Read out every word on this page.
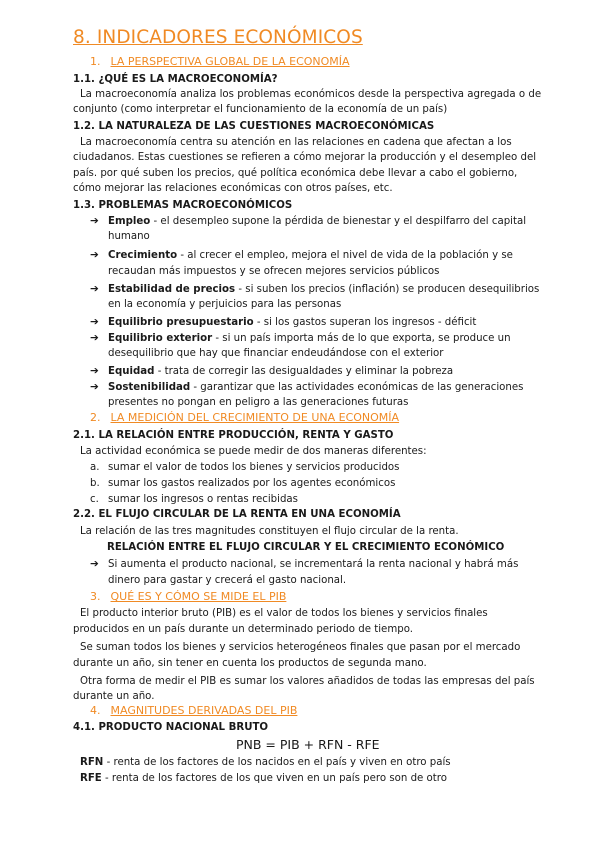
8. INDICADORES ECONÓMICOS
1. LA PERSPECTIVA GLOBAL DE LA ECONOMÍA
1.1. ¿QUÉ ES LA MACROECONOMÍA?
La macroeconomía analiza los problemas económicos desde la perspectiva agregada o de
conjunto (como interpretar el funcionamiento de la economía de un país)
1.2. LA NATURALEZA DE LAS CUESTIONES MACROECONÓMICAS
La macroeconomía centra su atención en las relaciones en cadena que afectan a los
ciudadanos. Estas cuestiones se refieren a cómo mejorar la producción y el desempleo del
país. por qué suben los precios, qué política económica debe llevar a cabo el gobierno,
cómo mejorar las relaciones económicas con otros países, etc.
1.3. PROBLEMAS MACROECONÓMICOS
➔ Empleo - el desempleo supone la pérdida de bienestar y el despilfarro del capital
humano
➔ Crecimiento - al crecer el empleo, mejora el nivel de vida de la población y se
recaudan más impuestos y se ofrecen mejores servicios públicos
➔ Estabilidad de precios - si suben los precios (inflación) se producen desequilibrios
en la economía y perjuicios para las personas
➔ Equilibrio presupuestario - si los gastos superan los ingresos - déficit
➔ Equilibrio exterior - si un país importa más de lo que exporta, se produce un
desequilibrio que hay que financiar endeudándose con el exterior
➔ Equidad - trata de corregir las desigualdades y eliminar la pobreza
➔ Sostenibilidad - garantizar que las actividades económicas de las generaciones
presentes no pongan en peligro a las generaciones futuras
2. LA MEDICIÓN DEL CRECIMIENTO DE UNA ECONOMÍA
2.1. LA RELACIÓN ENTRE PRODUCCIÓN, RENTA Y GASTO
La actividad económica se puede medir de dos maneras diferentes:
a. sumar el valor de todos los bienes y servicios producidos
b. sumar los gastos realizados por los agentes económicos
c. sumar los ingresos o rentas recibidas
2.2. EL FLUJO CIRCULAR DE LA RENTA EN UNA ECONOMÍA
La relación de las tres magnitudes constituyen el flujo circular de la renta.
RELACIÓN ENTRE EL FLUJO CIRCULAR Y EL CRECIMIENTO ECONÓMICO
➔ Si aumenta el producto nacional, se incrementará la renta nacional y habrá más
dinero para gastar y crecerá el gasto nacional.
3. QUÉ ES Y CÓMO SE MIDE EL PIB
El producto interior bruto (PIB) es el valor de todos los bienes y servicios finales
producidos en un país durante un determinado periodo de tiempo.
Se suman todos los bienes y servicios heterogéneos finales que pasan por el mercado
durante un año, sin tener en cuenta los productos de segunda mano.
Otra forma de medir el PIB es sumar los valores añadidos de todas las empresas del país
durante un año.
4. MAGNITUDES DERIVADAS DEL PIB
4.1. PRODUCTO NACIONAL BRUTO
PNB = PIB + RFN - RFE
RFN - renta de los factores de los nacidos en el país y viven en otro país
RFE - renta de los factores de los que viven en un país pero son de otro
